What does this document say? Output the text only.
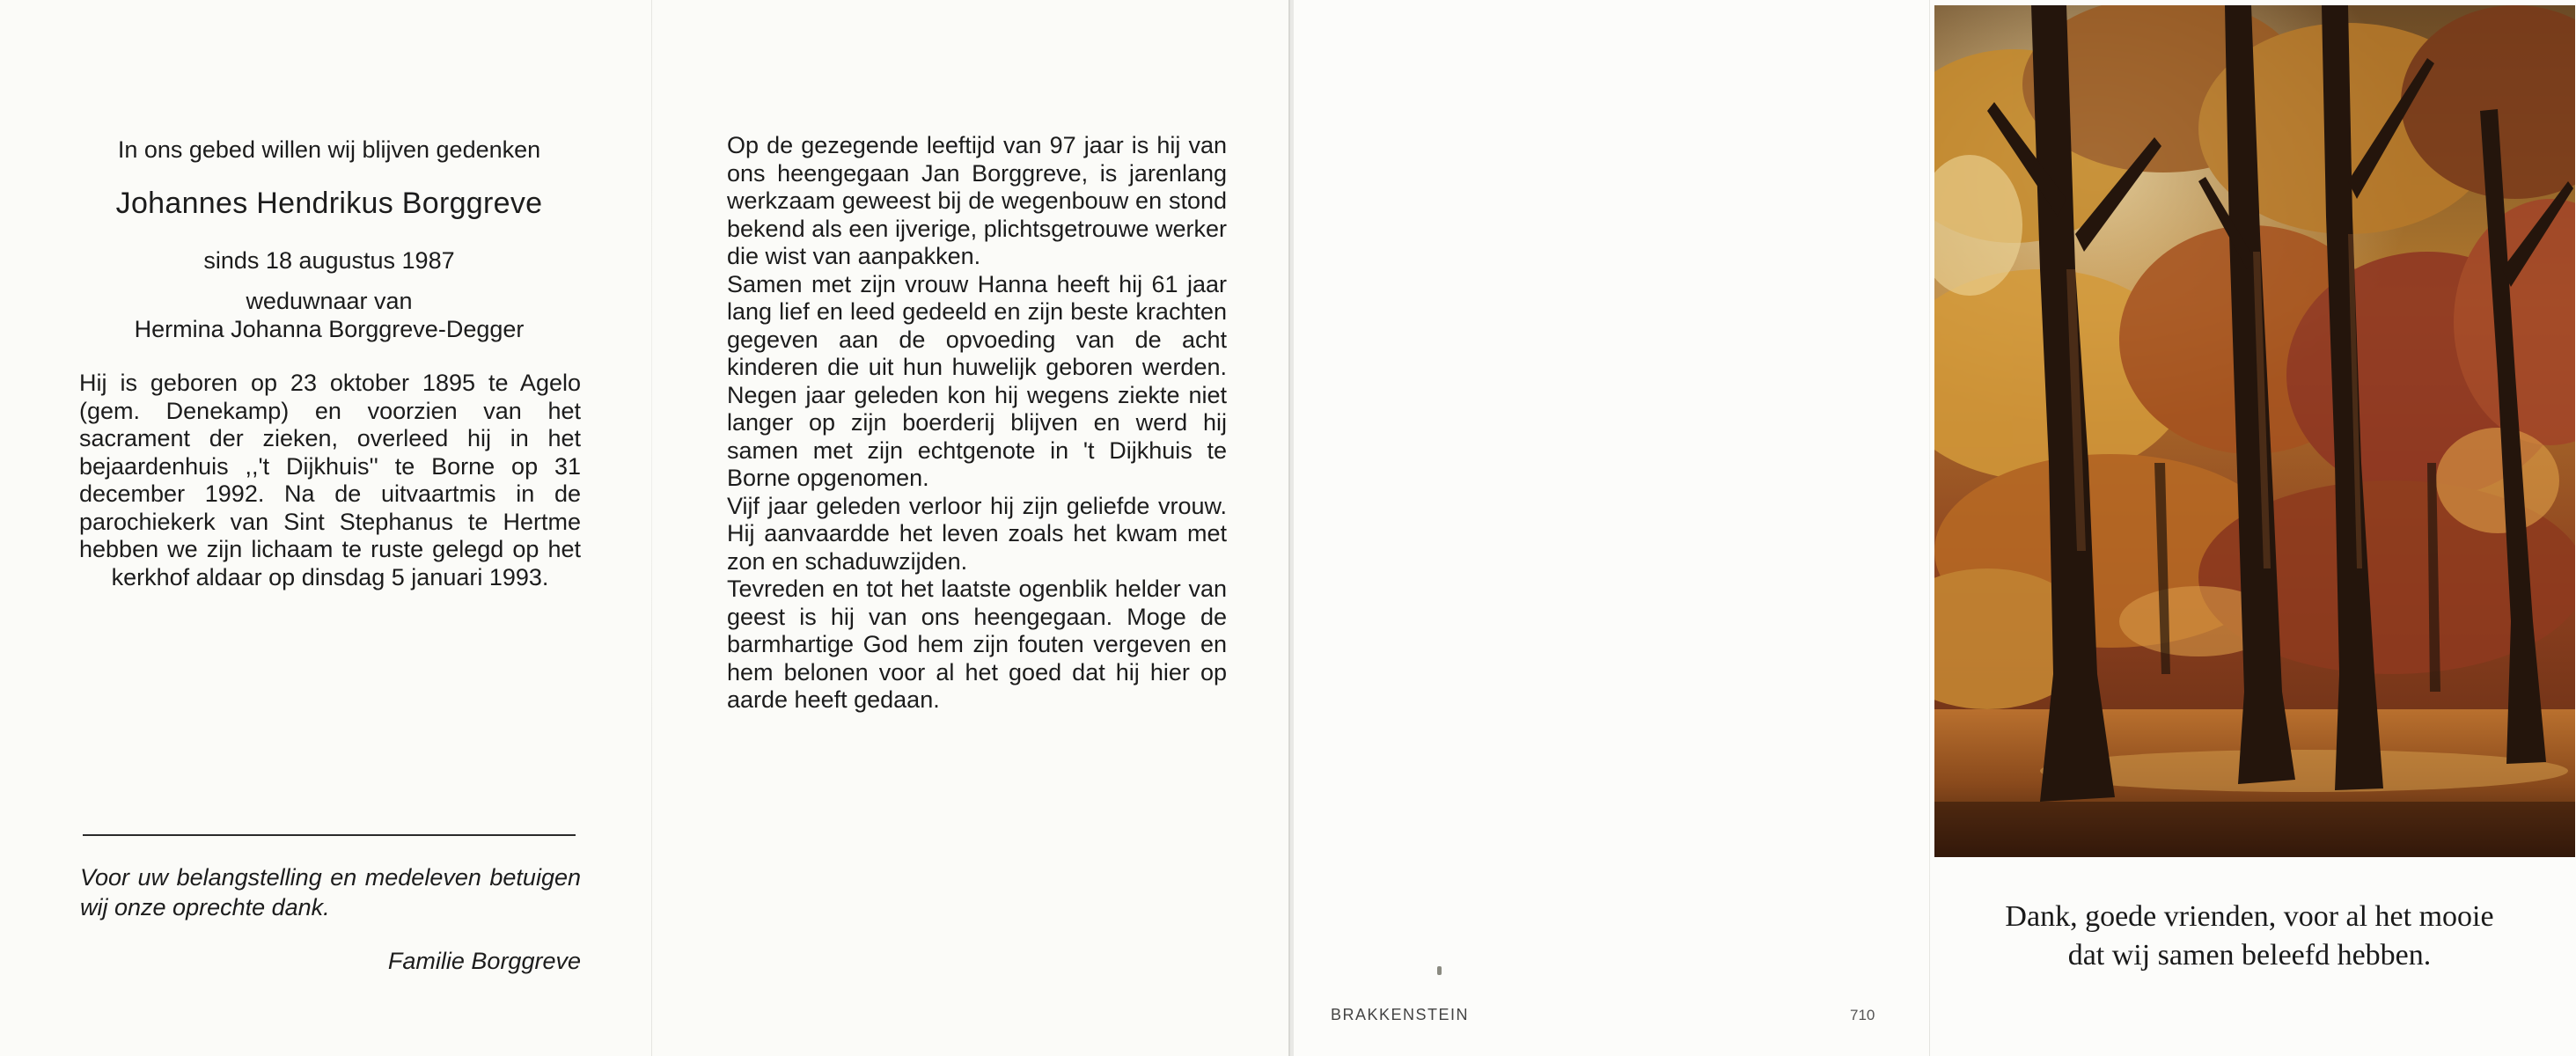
In ons gebed willen wij blijven gedenken
Johannes Hendrikus Borggreve
sinds 18 augustus 1987
weduwnaar van
Hermina Johanna Borggreve-Degger
Hij is geboren op 23 oktober 1895 te Agelo (gem. Denekamp) en voorzien van het sacrament der zieken, overleed hij in het bejaardenhuis ,,'t Dijkhuis'' te Borne op 31 december 1992. Na de uitvaartmis in de parochiekerk van Sint Stephanus te Hertme hebben we zijn lichaam te ruste gelegd op het kerkhof aldaar op dinsdag 5 januari 1993.
Voor uw belangstelling en medeleven betuigen wij onze oprechte dank.
Familie Borggreve

Op de gezegende leeftijd van 97 jaar is hij van ons heengegaan Jan Borggreve, is jarenlang werkzaam geweest bij de wegenbouw en stond bekend als een ijverige, plichtsgetrouwe werker die wist van aanpakken.

Samen met zijn vrouw Hanna heeft hij 61 jaar lang lief en leed gedeeld en zijn beste krachten gegeven aan de opvoeding van de acht kinderen die uit hun huwelijk geboren werden. Negen jaar geleden kon hij wegens ziekte niet langer op zijn boerderij blijven en werd hij samen met zijn echtgenote in 't Dijkhuis te Borne opgenomen.

Vijf jaar geleden verloor hij zijn geliefde vrouw. Hij aanvaardde het leven zoals het kwam met zon en schaduwzijden.

Tevreden en tot het laatste ogenblik helder van geest is hij van ons heengegaan. Moge de barmhartige God hem zijn fouten vergeven en hem belonen voor al het goed dat hij hier op aarde heeft gedaan.

BRAKKENSTEIN	710
Dank, goede vrienden, voor al het mooie
dat wij samen beleefd hebben.
